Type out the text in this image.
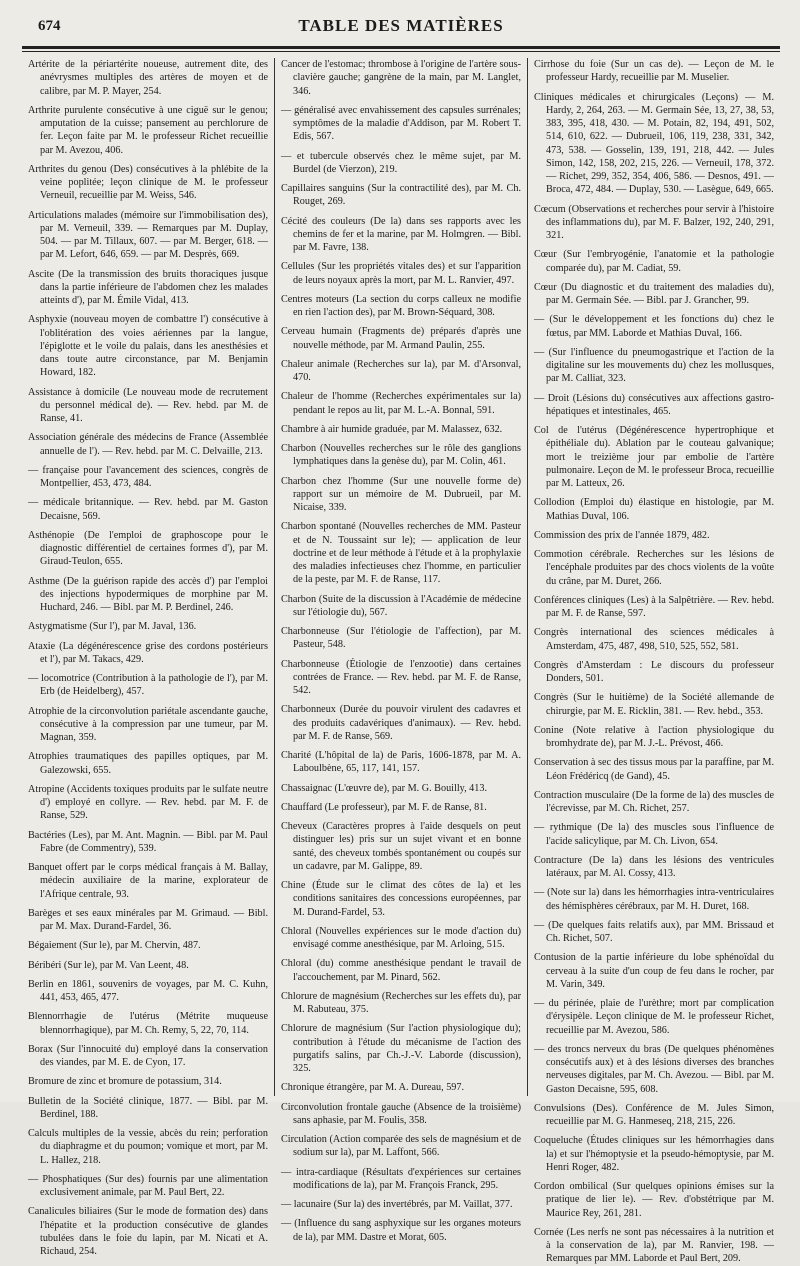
674	TABLE DES MATIÈRES

Artérite de la périartérite noueuse, autrement dite, des anévrysmes multiples des artères de moyen et de calibre, par M. P. Mayer, 254.

Arthrite purulente consécutive à une ciguë sur le genou; amputation de la cuisse; pansement au perchlorure de fer. Leçon faite par M. le professeur Richet recueillie par M. Avezou, 406.

Arthrites du genou (Des) consécutives à la phlébite de la veine poplitée; leçon clinique de M. le professeur Verneuil, recueillie par M. Weiss, 546.

Articulations malades (mémoire sur l'immobilisation des), par M. Verneuil, 339. — Remarques par M. Duplay, 504. — par M. Tillaux, 607. — par M. Berger, 618. — par M. Lefort, 646, 659. — par M. Desprès, 669.

Ascite (De la transmission des bruits thoraciques jusque dans la partie inférieure de l'abdomen chez les malades atteints d'), par M. Émile Vidal, 413.

Asphyxie (nouveau moyen de combattre l') consécutive à l'oblitération des voies aériennes par la langue, l'épiglotte et le voile du palais, dans les anesthésies et dans toute autre circonstance, par M. Benjamin Howard, 182.

Assistance à domicile (Le nouveau mode de recrutement du personnel médical de). — Rev. hebd. par M. de Ranse, 41.

Association générale des médecins de France (Assemblée annuelle de l'). — Rev. hebd. par M. C. Delvaille, 213.

— française pour l'avancement des sciences, congrès de Montpellier, 453, 473, 484.

— médicale britannique. — Rev. hebd. par M. Gaston Decaisne, 569.

Asthénopie (De l'emploi de graphoscope pour le diagnostic différentiel de certaines formes d'), par M. Giraud-Teulon, 655.

Asthme (De la guérison rapide des accès d') par l'emploi des injections hypodermiques de morphine par M. Huchard, 246. — Bibl. par M. P. Berdinel, 246.

Astygmatisme (Sur l'), par M. Javal, 136.

Ataxie (La dégénérescence grise des cordons postérieurs et l'), par M. Takacs, 429.

— locomotrice (Contribution à la pathologie de l'), par M. Erb (de Heidelberg), 457.

Atrophie de la circonvolution pariétale ascendante gauche, consécutive à la compression par une tumeur, par M. Magnan, 359.

Atrophies traumatiques des papilles optiques, par M. Galezowski, 655.

Atropine (Accidents toxiques produits par le sulfate neutre d') employé en collyre. — Rev. hebd. par M. F. de Ranse, 529.

Bactéries (Les), par M. Ant. Magnin. — Bibl. par M. Paul Fabre (de Commentry), 539.

Banquet offert par le corps médical français à M. Ballay, médecin auxiliaire de la marine, explorateur de l'Afrique centrale, 93.

Barèges et ses eaux minérales par M. Grimaud. — Bibl. par M. Max. Durand-Fardel, 36.

Bégaiement (Sur le), par M. Chervin, 487.

Béribéri (Sur le), par M. Van Leent, 48.

Berlin en 1861, souvenirs de voyages, par M. C. Kuhn, 441, 453, 465, 477.

Blennorrhagie de l'utérus (Métrite muqueuse blennorrhagique), par M. Ch. Remy, 5, 22, 70, 114.

Borax (Sur l'innocuité du) employé dans la conservation des viandes, par M. E. de Cyon, 17.

Bromure de zinc et bromure de potassium, 314.

Bulletin de la Société clinique, 1877. — Bibl. par M. Berdinel, 188.

Calculs multiples de la vessie, abcès du rein; perforation du diaphragme et du poumon; vomique et mort, par M. L. Hallez, 218.

— Phosphatiques (Sur des) fournis par une alimentation exclusivement animale, par M. Paul Bert, 22.

Canalicules biliaires (Sur le mode de formation des) dans l'hépatite et la production consécutive de glandes tubulées dans le foie du lapin, par M. Nicati et A. Richaud, 254.

Cancer de l'estomac; thrombose à l'origine de l'artère sous-clavière gauche; gangrène de la main, par M. Langlet, 346.

— généralisé avec envahissement des capsules surrénales; symptômes de la maladie d'Addison, par M. Robert T. Edis, 567.

— et tubercule observés chez le même sujet, par M. Burdel (de Vierzon), 219.

Capillaires sanguins (Sur la contractilité des), par M. Ch. Rouget, 269.

Cécité des couleurs (De la) dans ses rapports avec les chemins de fer et la marine, par M. Holmgren. — Bibl. par M. Favre, 138.

Cellules (Sur les propriétés vitales des) et sur l'apparition de leurs noyaux après la mort, par M. L. Ranvier, 497.

Centres moteurs (La section du corps calleux ne modifie en rien l'action des), par M. Brown-Séquard, 308.

Cerveau humain (Fragments de) préparés d'après une nouvelle méthode, par M. Armand Paulin, 255.

Chaleur animale (Recherches sur la), par M. d'Arsonval, 470.

Chaleur de l'homme (Recherches expérimentales sur la) pendant le repos au lit, par M. L.-A. Bonnal, 591.

Chambre à air humide graduée, par M. Malassez, 632.

Charbon (Nouvelles recherches sur le rôle des ganglions lymphatiques dans la genèse du), par M. Colin, 461.

Charbon chez l'homme (Sur une nouvelle forme de) rapport sur un mémoire de M. Dubrueil, par M. Nicaise, 339.

Charbon spontané (Nouvelles recherches de MM. Pasteur et de N. Toussaint sur le); — application de leur doctrine et de leur méthode à l'étude et à la prophylaxie des maladies infectieuses chez l'homme, en particulier de la peste, par M. F. de Ranse, 117.

Charbon (Suite de la discussion à l'Académie de médecine sur l'étiologie du), 567.

Charbonneuse (Sur l'étiologie de l'affection), par M. Pasteur, 548.

Charbonneuse (Étiologie de l'enzootie) dans certaines contrées de France. — Rev. hebd. par M. F. de Ranse, 542.

Charbonneux (Durée du pouvoir virulent des cadavres et des produits cadavériques d'animaux). — Rev. hebd. par M. F. de Ranse, 569.

Charité (L'hôpital de la) de Paris, 1606-1878, par M. A. Laboulbène, 65, 117, 141, 157.

Chassaignac (L'œuvre de), par M. G. Bouilly, 413.

Chauffard (Le professeur), par M. F. de Ranse, 81.

Cheveux (Caractères propres à l'aide desquels on peut distinguer les) pris sur un sujet vivant et en bonne santé, des cheveux tombés spontanément ou coupés sur un cadavre, par M. Galippe, 89.

Chine (Étude sur le climat des côtes de la) et les conditions sanitaires des concessions européennes, par M. Durand-Fardel, 53.

Chloral (Nouvelles expériences sur le mode d'action du) envisagé comme anesthésique, par M. Arloing, 515.

Chloral (du) comme anesthésique pendant le travail de l'accouchement, par M. Pinard, 562.

Chlorure de magnésium (Recherches sur les effets du), par M. Rabuteau, 375.

Chlorure de magnésium (Sur l'action physiologique du); contribution à l'étude du mécanisme de l'action des purgatifs salins, par Ch.-J.-V. Laborde (discussion), 325.

Chronique étrangère, par M. A. Dureau, 597.

Circonvolution frontale gauche (Absence de la troisième) sans aphasie, par M. Foulis, 358.

Circulation (Action comparée des sels de magnésium et de sodium sur la), par M. Laffont, 566.

— intra-cardiaque (Résultats d'expériences sur certaines modifications de la), par M. François Franck, 295.

— lacunaire (Sur la) des invertébrés, par M. Vaillat, 377.

— (Influence du sang asphyxique sur les organes moteurs de la), par MM. Dastre et Morat, 605.

Cirrhose du foie (Sur un cas de). — Leçon de M. le professeur Hardy, recueillie par M. Muselier.

Cliniques médicales et chirurgicales (Leçons) — M. Hardy, 2, 264, 263. — M. Germain Sée, 13, 27, 38, 53, 383, 395, 418, 430. — M. Potain, 82, 194, 491, 502, 514, 610, 622. — Dubrueil, 106, 119, 238, 331, 342, 473, 538. — Gosselin, 139, 191, 218, 442. — Jules Simon, 142, 158, 202, 215, 226. — Verneuil, 178, 372. — Richet, 299, 352, 354, 406, 586. — Desnos, 491. — Broca, 472, 484. — Duplay, 530. — Lasègue, 649, 665.

Cœcum (Observations et recherches pour servir à l'histoire des inflammations du), par M. F. Balzer, 192, 240, 291, 321.

Cœur (Sur l'embryogénie, l'anatomie et la pathologie comparée du), par M. Cadiat, 59.

Cœur (Du diagnostic et du traitement des maladies du), par M. Germain Sée. — Bibl. par J. Grancher, 99.

— (Sur le développement et les fonctions du) chez le fœtus, par MM. Laborde et Mathias Duval, 166.

— (Sur l'influence du pneumogastrique et l'action de la digitaline sur les mouvements du) chez les mollusques, par M. Calliat, 323.

— Droit (Lésions du) consécutives aux affections gastro-hépatiques et intestinales, 465.

Col de l'utérus (Dégénérescence hypertrophique et épithéliale du). Ablation par le couteau galvanique; mort le treizième jour par embolie de l'artère pulmonaire. Leçon de M. le professeur Broca, recueillie par M. Latteux, 26.

Collodion (Emploi du) élastique en histologie, par M. Mathias Duval, 106.

Commission des prix de l'année 1879, 482.

Commotion cérébrale. Recherches sur les lésions de l'encéphale produites par des chocs violents de la voûte du crâne, par M. Duret, 266.

Conférences cliniques (Les) à la Salpêtrière. — Rev. hebd. par M. F. de Ranse, 597.

Congrès international des sciences médicales à Amsterdam, 475, 487, 498, 510, 525, 552, 581.

Congrès d'Amsterdam : Le discours du professeur Donders, 501.

Congrès (Sur le huitième) de la Société allemande de chirurgie, par M. E. Ricklin, 381. — Rev. hebd., 353.

Conine (Note relative à l'action physiologique du bromhydrate de), par M. J.-L. Prévost, 466.

Conservation à sec des tissus mous par la paraffine, par M. Léon Frédéricq (de Gand), 45.

Contraction musculaire (De la forme de la) des muscles de l'écrevisse, par M. Ch. Richet, 257.

— rythmique (De la) des muscles sous l'influence de l'acide salicylique, par M. Ch. Livon, 654.

Contracture (De la) dans les lésions des ventricules latéraux, par M. Al. Cossy, 413.

— (Note sur la) dans les hémorrhagies intra-ventriculaires des hémisphères cérébraux, par M. H. Duret, 168.

— (De quelques faits relatifs aux), par MM. Brissaud et Ch. Richet, 507.

Contusion de la partie inférieure du lobe sphénoïdal du cerveau à la suite d'un coup de feu dans le rocher, par M. Varin, 349.

— du périnée, plaie de l'urèthre; mort par complication d'érysipèle. Leçon clinique de M. le professeur Richet, recueillie par M. Avezou, 586.

— des troncs nerveux du bras (De quelques phénomènes consécutifs aux) et à des lésions diverses des branches nerveuses digitales, par M. Ch. Avezou. — Bibl. par M. Gaston Decaisne, 595, 608.

Convulsions (Des). Conférence de M. Jules Simon, recueillie par M. G. Hanmeseq, 218, 215, 226.

Coqueluche (Études cliniques sur les hémorrhagies dans la) et sur l'hémoptysie et la pseudo-hémoptysie, par M. Henri Roger, 482.

Cordon ombilical (Sur quelques opinions émises sur la pratique de lier le). — Rev. d'obstétrique par M. Maurice Rey, 261, 281.

Cornée (Les nerfs ne sont pas nécessaires à la nutrition et à la conservation de la), par M. Ranvier, 198. — Remarques par MM. Laborde et Paul Bert, 209.
